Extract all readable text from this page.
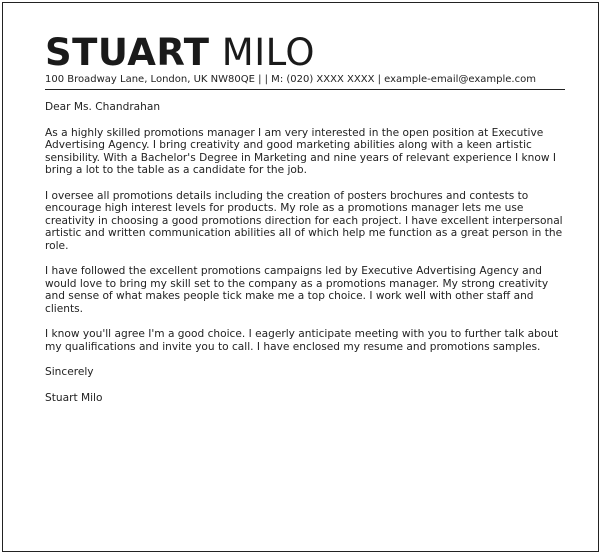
STUART MILO
100 Broadway Lane, London, UK NW80QE | | M: (020) XXXX XXXX | example-email@example.com
Dear Ms. Chandrahan
As a highly skilled promotions manager I am very interested in the open position at Executive Advertising Agency. I bring creativity and good marketing abilities along with a keen artistic sensibility. With a Bachelor's Degree in Marketing and nine years of relevant experience I know I bring a lot to the table as a candidate for the job.
I oversee all promotions details including the creation of posters brochures and contests to encourage high interest levels for products. My role as a promotions manager lets me use creativity in choosing a good promotions direction for each project. I have excellent interpersonal artistic and written communication abilities all of which help me function as a great person in the role.
I have followed the excellent promotions campaigns led by Executive Advertising Agency and would love to bring my skill set to the company as a promotions manager. My strong creativity and sense of what makes people tick make me a top choice. I work well with other staff and clients.
I know you'll agree I'm a good choice. I eagerly anticipate meeting with you to further talk about my qualifications and invite you to call. I have enclosed my resume and promotions samples.
Sincerely
Stuart Milo
